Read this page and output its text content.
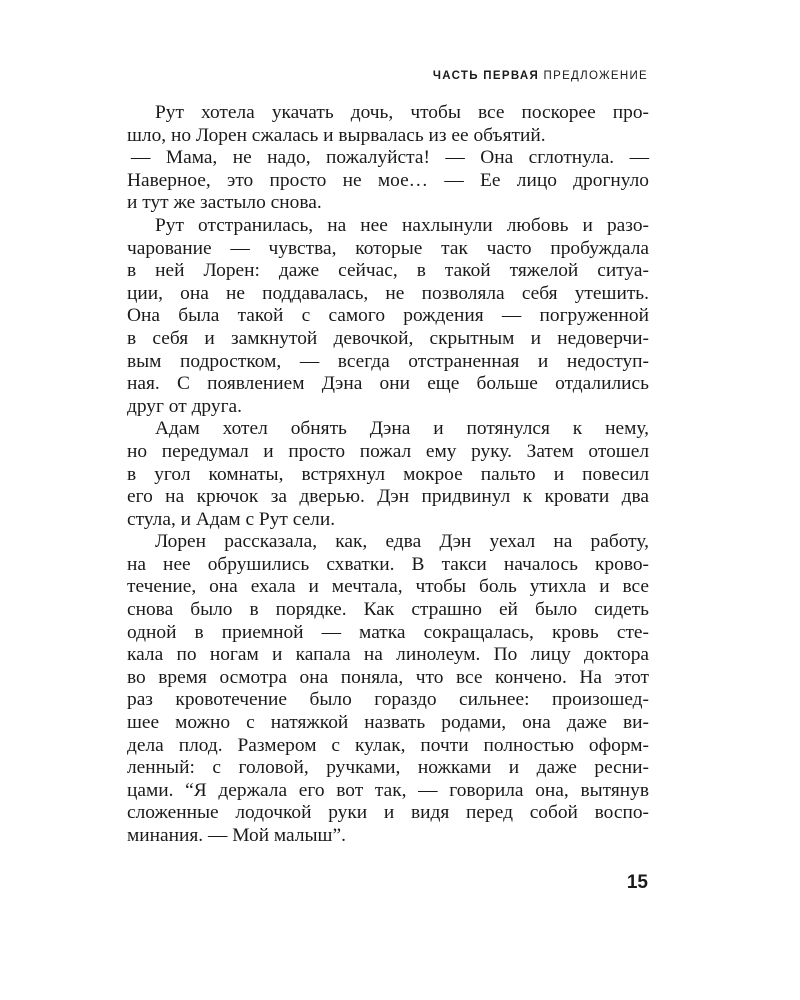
ЧАСТЬ ПЕРВАЯ ПРЕДЛОЖЕНИЕ
Рут хотела укачать дочь, чтобы все поскорее про-
шло, но Лорен сжалась и вырвалась из ее объятий.
— Мама, не надо, пожалуйста! — Она сглотнула. —
Наверное, это просто не мое… — Ее лицо дрогнуло
и тут же застыло снова.
Рут отстранилась, на нее нахлынули любовь и разо-
чарование — чувства, которые так часто пробуждала
в ней Лорен: даже сейчас, в такой тяжелой ситуа-
ции, она не поддавалась, не позволяла себя утешить.
Она была такой с самого рождения — погруженной
в себя и замкнутой девочкой, скрытным и недоверчи-
вым подростком, — всегда отстраненная и недоступ-
ная. С появлением Дэна они еще больше отдалились
друг от друга.
Адам хотел обнять Дэна и потянулся к нему,
но передумал и просто пожал ему руку. Затем отошел
в угол комнаты, встряхнул мокрое пальто и повесил
его на крючок за дверью. Дэн придвинул к кровати два
стула, и Адам с Рут сели.
Лорен рассказала, как, едва Дэн уехал на работу,
на нее обрушились схватки. В такси началось крово-
течение, она ехала и мечтала, чтобы боль утихла и все
снова было в порядке. Как страшно ей было сидеть
одной в приемной — матка сокращалась, кровь сте-
кала по ногам и капала на линолеум. По лицу доктора
во время осмотра она поняла, что все кончено. На этот
раз кровотечение было гораздо сильнее: произошед-
шее можно с натяжкой назвать родами, она даже ви-
дела плод. Размером с кулак, почти полностью оформ-
ленный: с головой, ручками, ножками и даже ресни-
цами. “Я держала его вот так, — говорила она, вытянув
сложенные лодочкой руки и видя перед собой воспо-
минания. — Мой малыш”.
15
